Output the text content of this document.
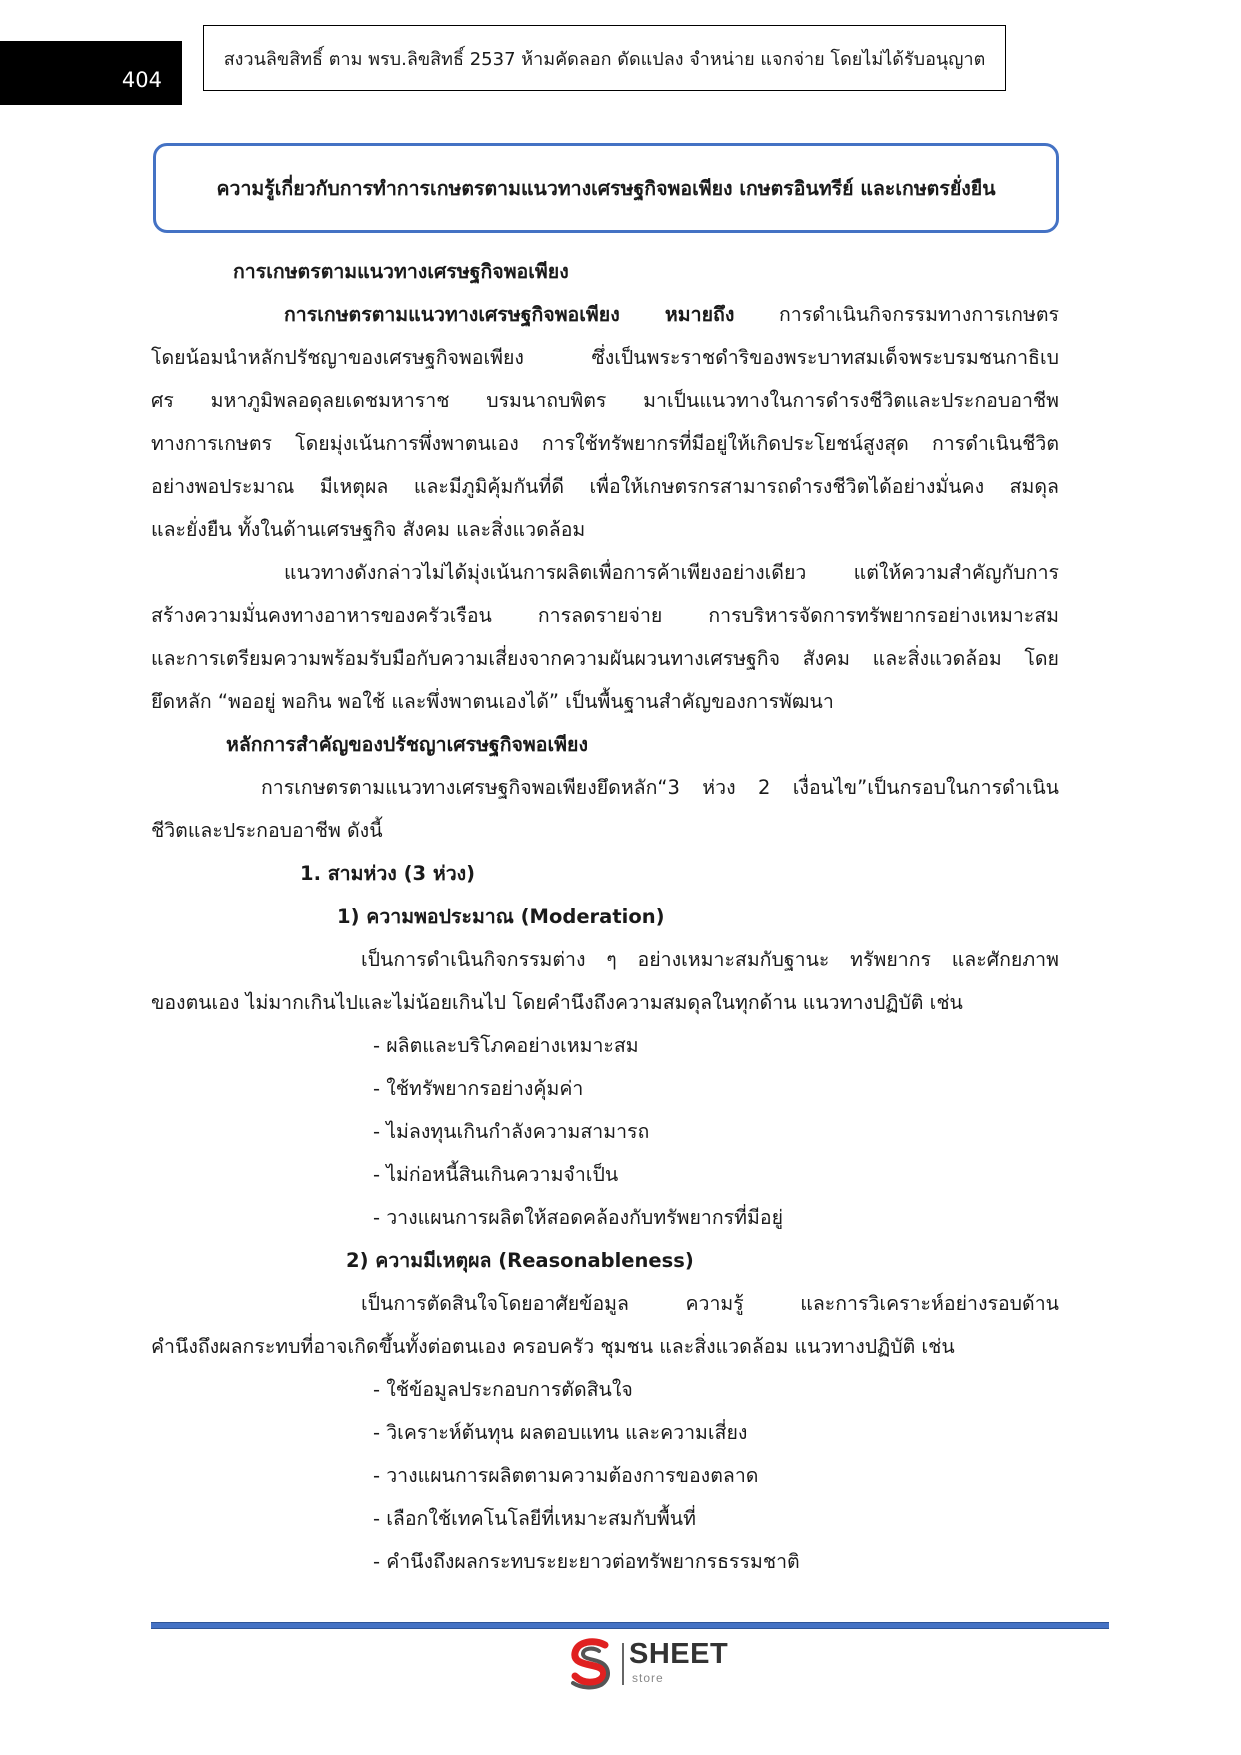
404
สงวนลิขสิทธิ์ ตาม พรบ.ลิขสิทธิ์ 2537 ห้ามคัดลอก ดัดแปลง จำหน่าย แจกจ่าย โดยไม่ได้รับอนุญาต
ความรู้เกี่ยวกับการทำการเกษตรตามแนวทางเศรษฐกิจพอเพียง เกษตรอินทรีย์ และเกษตรยั่งยืน
การเกษตรตามแนวทางเศรษฐกิจพอเพียง
การเกษตรตามแนวทางเศรษฐกิจพอเพียง หมายถึง การดำเนินกิจกรรมทางการเกษตร
โดยน้อมนำหลักปรัชญาของเศรษฐกิจพอเพียง ซึ่งเป็นพระราชดำริของพระบาทสมเด็จพระบรมชนกาธิเบ
ศร มหาภูมิพลอดุลยเดชมหาราช บรมนาถบพิตร มาเป็นแนวทางในการดำรงชีวิตและประกอบอาชีพ
ทางการเกษตร โดยมุ่งเน้นการพึ่งพาตนเอง การใช้ทรัพยากรที่มีอยู่ให้เกิดประโยชน์สูงสุด การดำเนินชีวิต
อย่างพอประมาณ มีเหตุผล และมีภูมิคุ้มกันที่ดี เพื่อให้เกษตรกรสามารถดำรงชีวิตได้อย่างมั่นคง สมดุล
และยั่งยืน ทั้งในด้านเศรษฐกิจ สังคม และสิ่งแวดล้อม
แนวทางดังกล่าวไม่ได้มุ่งเน้นการผลิตเพื่อการค้าเพียงอย่างเดียว แต่ให้ความสำคัญกับการ
สร้างความมั่นคงทางอาหารของครัวเรือน การลดรายจ่าย การบริหารจัดการทรัพยากรอย่างเหมาะสม
และการเตรียมความพร้อมรับมือกับความเสี่ยงจากความผันผวนทางเศรษฐกิจ สังคม และสิ่งแวดล้อม โดย
ยึดหลัก “พออยู่ พอกิน พอใช้ และพึ่งพาตนเองได้” เป็นพื้นฐานสำคัญของการพัฒนา
หลักการสำคัญของปรัชญาเศรษฐกิจพอเพียง
การเกษตรตามแนวทางเศรษฐกิจพอเพียงยึดหลัก“3 ห่วง 2 เงื่อนไข”เป็นกรอบในการดำเนิน
ชีวิตและประกอบอาชีพ ดังนี้
1. สามห่วง (3 ห่วง)
1) ความพอประมาณ (Moderation)
เป็นการดำเนินกิจกรรมต่าง ๆ อย่างเหมาะสมกับฐานะ ทรัพยากร และศักยภาพ
ของตนเอง ไม่มากเกินไปและไม่น้อยเกินไป โดยคำนึงถึงความสมดุลในทุกด้าน แนวทางปฏิบัติ เช่น
- ผลิตและบริโภคอย่างเหมาะสม
- ใช้ทรัพยากรอย่างคุ้มค่า
- ไม่ลงทุนเกินกำลังความสามารถ
- ไม่ก่อหนี้สินเกินความจำเป็น
- วางแผนการผลิตให้สอดคล้องกับทรัพยากรที่มีอยู่
2) ความมีเหตุผล (Reasonableness)
เป็นการตัดสินใจโดยอาศัยข้อมูล ความรู้ และการวิเคราะห์อย่างรอบด้าน
คำนึงถึงผลกระทบที่อาจเกิดขึ้นทั้งต่อตนเอง ครอบครัว ชุมชน และสิ่งแวดล้อม แนวทางปฏิบัติ เช่น
- ใช้ข้อมูลประกอบการตัดสินใจ
- วิเคราะห์ต้นทุน ผลตอบแทน และความเสี่ยง
- วางแผนการผลิตตามความต้องการของตลาด
- เลือกใช้เทคโนโลยีที่เหมาะสมกับพื้นที่
- คำนึงถึงผลกระทบระยะยาวต่อทรัพยากรธรรมชาติ
SHEET
store
